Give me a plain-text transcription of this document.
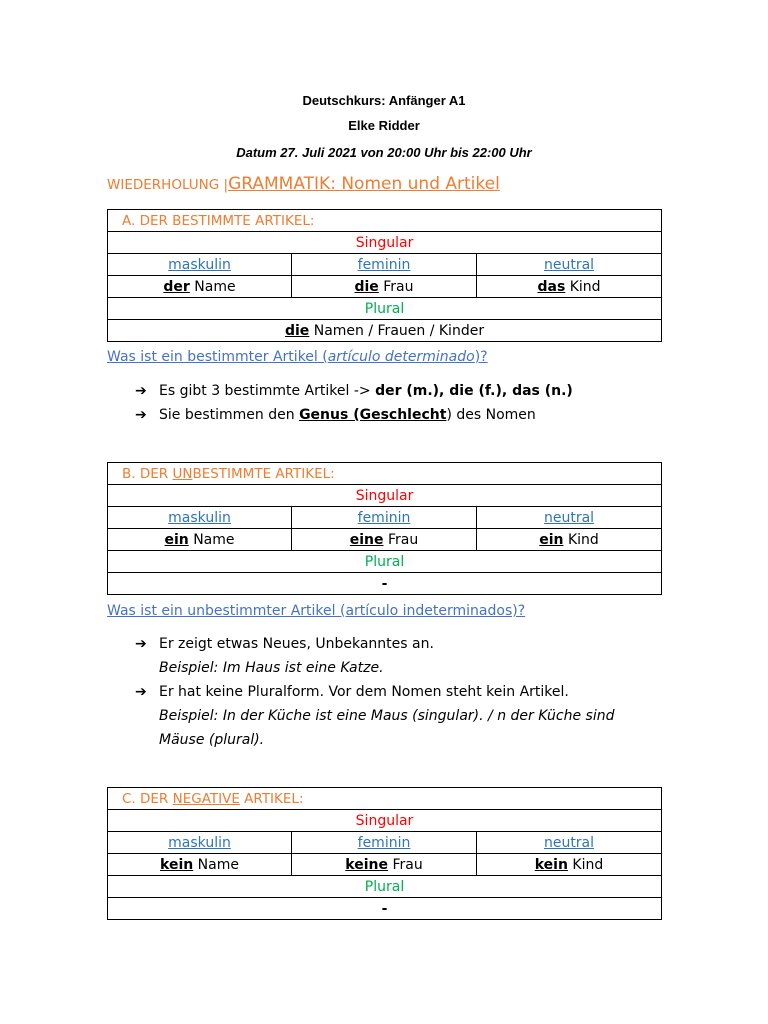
Deutschkurs: Anfänger A1
Elke Ridder
Datum 27. Juli 2021 von 20:00 Uhr bis 22:00 Uhr
WIEDERHOLUNG |GRAMMATIK: Nomen und Artikel
A. DER BESTIMMTE ARTIKEL:		
Singular		
maskulin	feminin	neutral
der Name	die Frau	das Kind
Plural		
die Namen / Frauen / Kinder		
Was ist ein bestimmter Artikel (artículo determinado)?
➔ Es gibt 3 bestimmte Artikel -> der (m.), die (f.), das (n.)
➔ Sie bestimmen den Genus (Geschlecht) des Nomen
B. DER UNBESTIMMTE ARTIKEL:		
Singular		
maskulin	feminin	neutral
ein Name	eine Frau	ein Kind
Plural		
-		
Was ist ein unbestimmter Artikel (artículo indeterminados)?
➔ Er zeigt etwas Neues, Unbekanntes an.
Beispiel: Im Haus ist eine Katze.
➔ Er hat keine Pluralform. Vor dem Nomen steht kein Artikel.
Beispiel: In der Küche ist eine Maus (singular). / n der Küche sind
Mäuse (plural).
C. DER NEGATIVE ARTIKEL:		
Singular		
maskulin	feminin	neutral
kein Name	keine Frau	kein Kind
Plural		
-		
